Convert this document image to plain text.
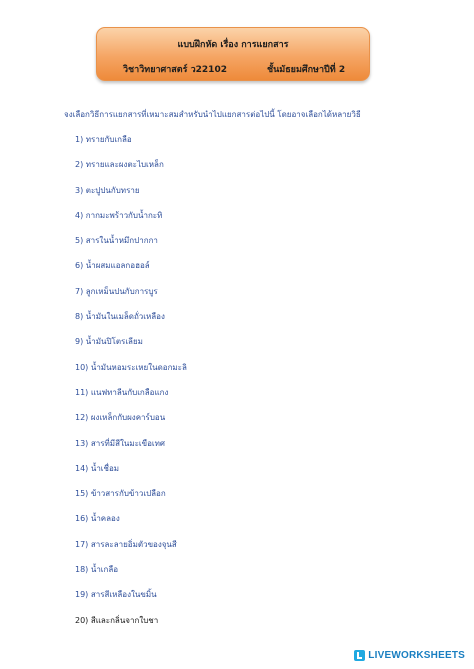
แบบฝึกหัด เรื่อง การแยกสาร
วิชาวิทยาศาสตร์ ว22102	ชั้นมัธยมศึกษาปีที่ 2
จงเลือกวิธีการแยกสารที่เหมาะสมสำหรับนำไปแยกสารต่อไปนี้ โดยอาจเลือกได้หลายวิธี
1) ทรายกับเกลือ
2) ทรายและผงตะไบเหล็ก
3) ตะปูปนกับทราย
4) กากมะพร้าวกับน้ำกะทิ
5) สารในน้ำหมึกปากกา
6) น้ำผสมแอลกอฮอล์
7) ลูกเหม็นปนกับการบูร
8) น้ำมันในเมล็ดถั่วเหลือง
9) น้ำมันปิโตรเลียม
10) น้ำมันหอมระเหยในดอกมะลิ
11) แนฟทาลีนกับเกลือแกง
12) ผงเหล็กกับผงคาร์บอน
13) สารที่มีสีในมะเขือเทศ
14) น้ำเชื่อม
15) ข้าวสารกับข้าวเปลือก
16) น้ำคลอง
17) สารละลายอิ่มตัวของจุนสี
18) น้ำเกลือ
19) สารสีเหลืองในขมิ้น
20) สีและกลิ่นจากใบชา
LIVEWORKSHEETS
